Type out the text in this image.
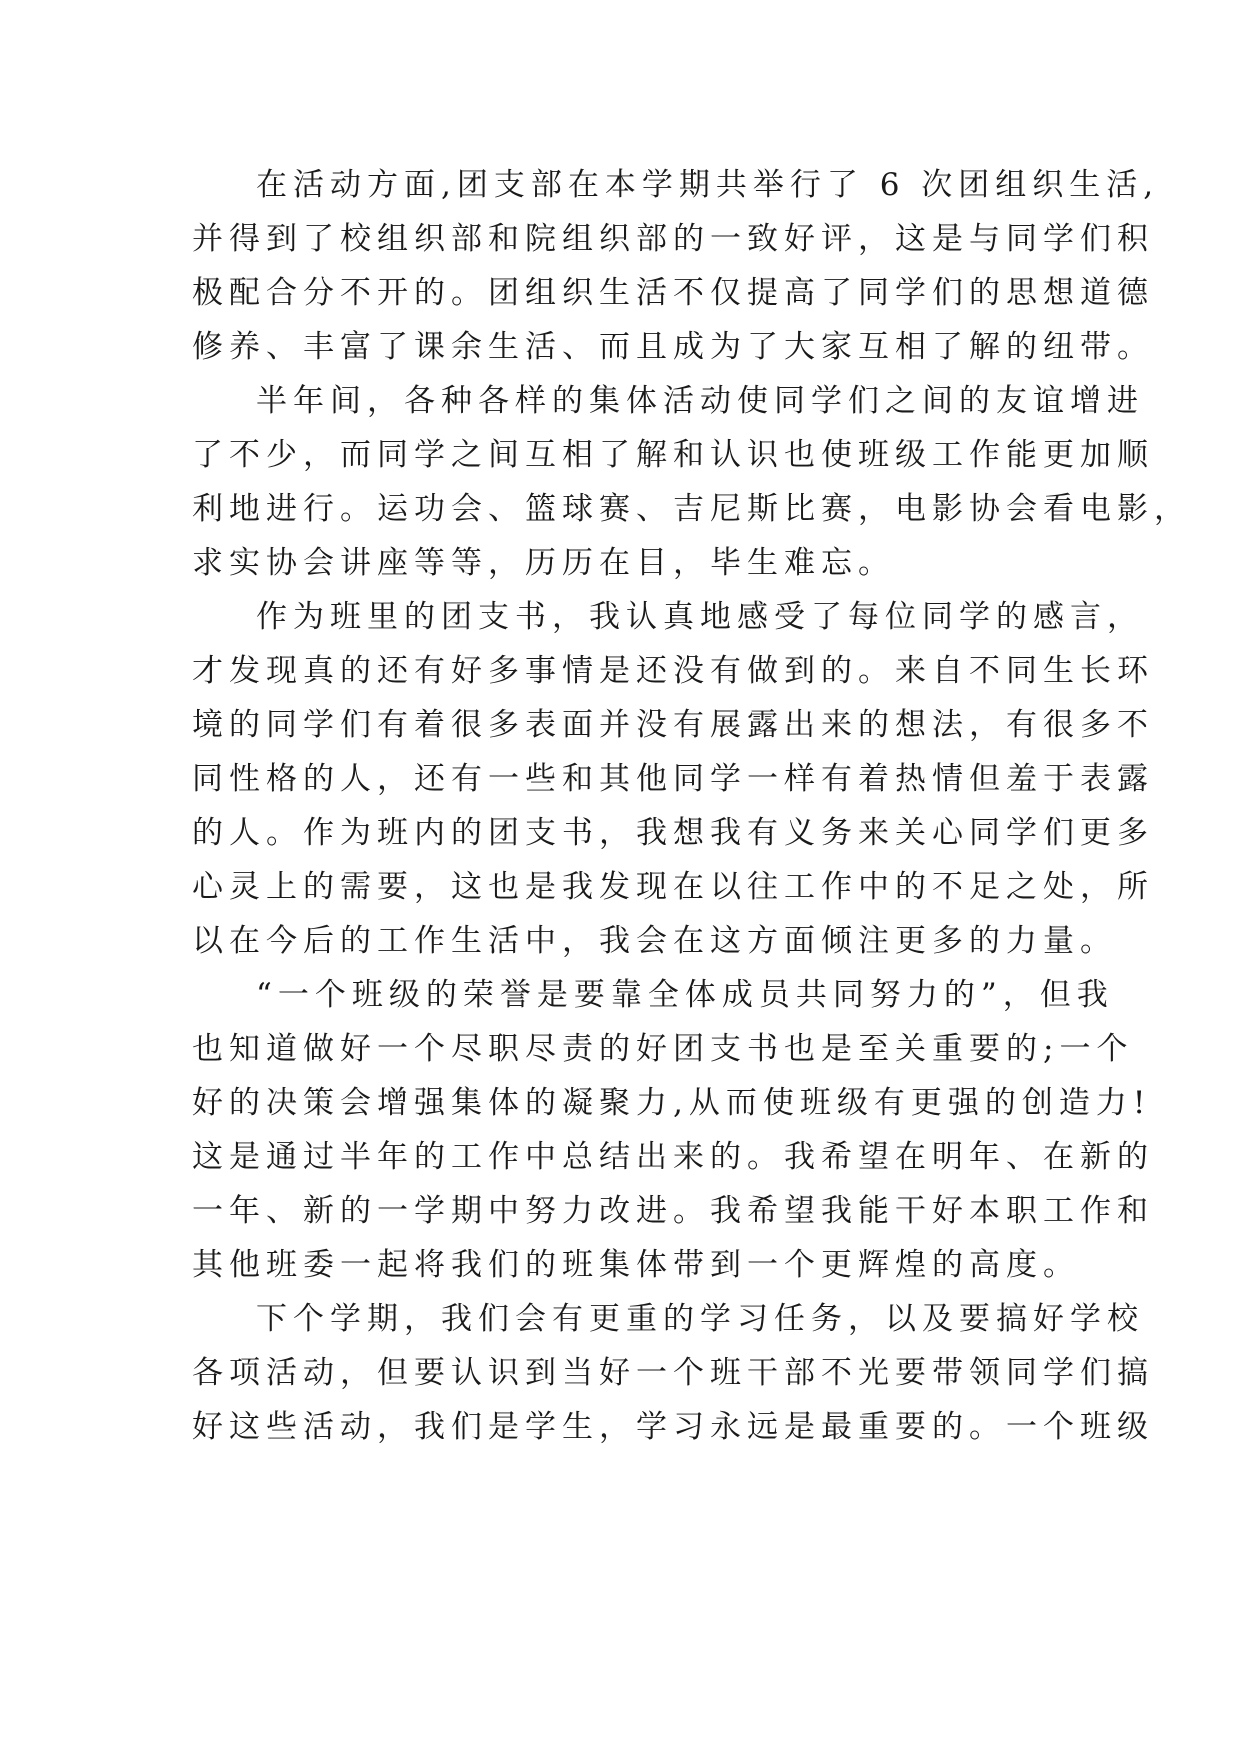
在活动方面,团支部在本学期共举行了 6 次团组织生活,
并得到了校组织部和院组织部的一致好评，这是与同学们积
极配合分不开的。团组织生活不仅提高了同学们的思想道德
修养、丰富了课余生活、而且成为了大家互相了解的纽带。
半年间，各种各样的集体活动使同学们之间的友谊增进
了不少，而同学之间互相了解和认识也使班级工作能更加顺
利地进行。运功会、篮球赛、吉尼斯比赛，电影协会看电影，
求实协会讲座等等，历历在目，毕生难忘。
作为班里的团支书，我认真地感受了每位同学的感言，
才发现真的还有好多事情是还没有做到的。来自不同生长环
境的同学们有着很多表面并没有展露出来的想法，有很多不
同性格的人，还有一些和其他同学一样有着热情但羞于表露
的人。作为班内的团支书，我想我有义务来关心同学们更多
心灵上的需要，这也是我发现在以往工作中的不足之处，所
以在今后的工作生活中，我会在这方面倾注更多的力量。
“一个班级的荣誉是要靠全体成员共同努力的”，但我
也知道做好一个尽职尽责的好团支书也是至关重要的;一个
好的决策会增强集体的凝聚力,从而使班级有更强的创造力!
这是通过半年的工作中总结出来的。我希望在明年、在新的
一年、新的一学期中努力改进。我希望我能干好本职工作和
其他班委一起将我们的班集体带到一个更辉煌的高度。
下个学期，我们会有更重的学习任务，以及要搞好学校
各项活动，但要认识到当好一个班干部不光要带领同学们搞
好这些活动，我们是学生，学习永远是最重要的。一个班级
